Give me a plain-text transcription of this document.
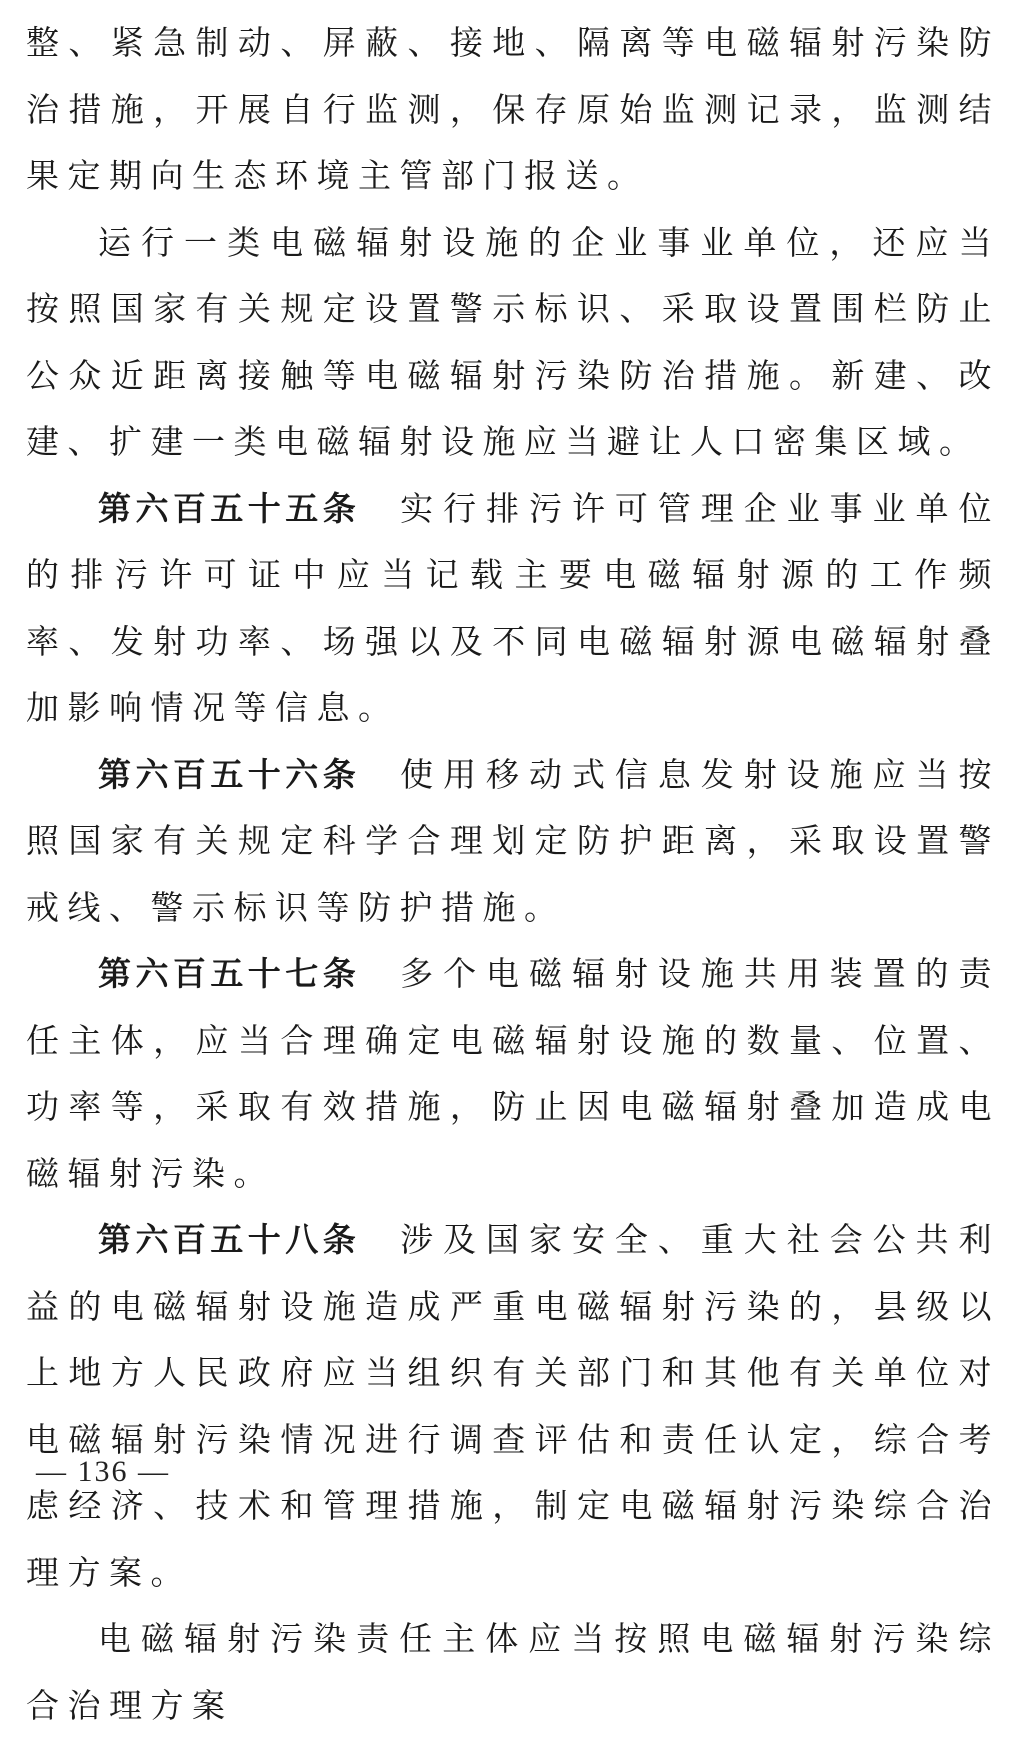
整、紧急制动、屏蔽、接地、隔离等电磁辐射污染防治措施，开展自行监测，保存原始监测记录，监测结果定期向生态环境主管部门报送。

运行一类电磁辐射设施的企业事业单位，还应当按照国家有关规定设置警示标识、采取设置围栏防止公众近距离接触等电磁辐射污染防治措施。新建、改建、扩建一类电磁辐射设施应当避让人口密集区域。

第六百五十五条 实行排污许可管理企业事业单位的排污许可证中应当记载主要电磁辐射源的工作频率、发射功率、场强以及不同电磁辐射源电磁辐射叠加影响情况等信息。

第六百五十六条 使用移动式信息发射设施应当按照国家有关规定科学合理划定防护距离，采取设置警戒线、警示标识等防护措施。

第六百五十七条 多个电磁辐射设施共用装置的责任主体，应当合理确定电磁辐射设施的数量、位置、功率等，采取有效措施，防止因电磁辐射叠加造成电磁辐射污染。

第六百五十八条 涉及国家安全、重大社会公共利益的电磁辐射设施造成严重电磁辐射污染的，县级以上地方人民政府应当组织有关部门和其他有关单位对电磁辐射污染情况进行调查评估和责任认定，综合考虑经济、技术和管理措施，制定电磁辐射污染综合治理方案。

电磁辐射污染责任主体应当按照电磁辐射污染综合治理方案

— 136 —
